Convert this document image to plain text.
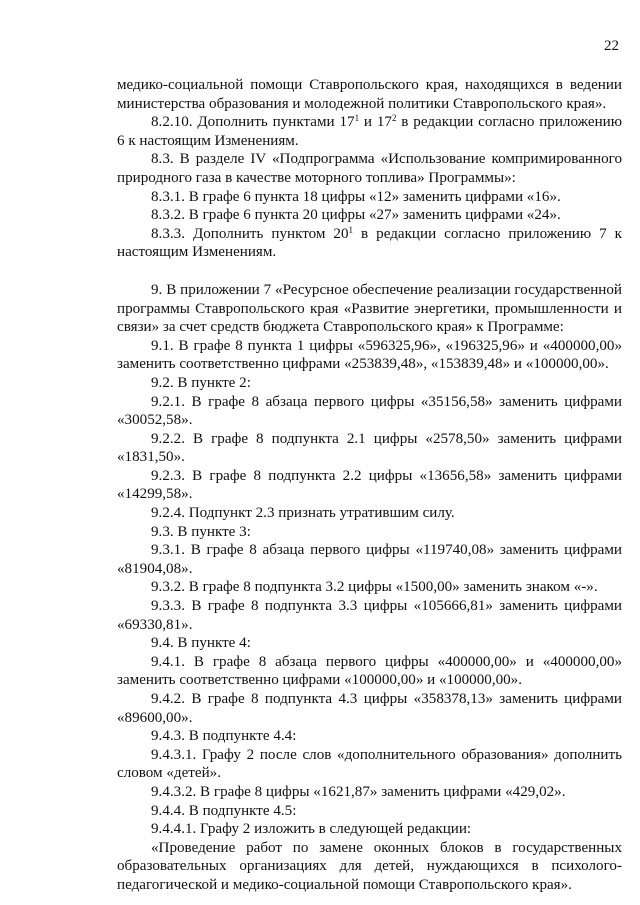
22

медико-социальной помощи Ставропольского края, находящихся в ведении министерства образования и молодежной политики Ставропольского края».

8.2.10. Дополнить пунктами $17^1$ и $17^2$ в редакции согласно приложению 6 к настоящим Изменениям.

8.3. В разделе IV «Подпрограмма «Использование компримированного природного газа в качестве моторного топлива» Программы»:

8.3.1. В графе 6 пункта 18 цифры «12» заменить цифрами «16».

8.3.2. В графе 6 пункта 20 цифры «27» заменить цифрами «24».

8.3.3. Дополнить пунктом $20^1$ в редакции согласно приложению 7 к настоящим Изменениям.

9. В приложении 7 «Ресурсное обеспечение реализации государственной программы Ставропольского края «Развитие энергетики, промышленности и связи» за счет средств бюджета Ставропольского края» к Программе:

9.1. В графе 8 пункта 1 цифры «596325,96», «196325,96» и «400000,00» заменить соответственно цифрами «253839,48», «153839,48» и «100000,00».

9.2. В пункте 2:

9.2.1. В графе 8 абзаца первого цифры «35156,58» заменить цифрами «30052,58».

9.2.2. В графе 8 подпункта 2.1 цифры «2578,50» заменить цифрами «1831,50».

9.2.3. В графе 8 подпункта 2.2 цифры «13656,58» заменить цифрами «14299,58».

9.2.4. Подпункт 2.3 признать утратившим силу.

9.3. В пункте 3:

9.3.1. В графе 8 абзаца первого цифры «119740,08» заменить цифрами «81904,08».

9.3.2. В графе 8 подпункта 3.2 цифры «1500,00» заменить знаком «-».

9.3.3. В графе 8 подпункта 3.3 цифры «105666,81» заменить цифрами «69330,81».

9.4. В пункте 4:

9.4.1. В графе 8 абзаца первого цифры «400000,00» и «400000,00» заменить соответственно цифрами «100000,00» и «100000,00».

9.4.2. В графе 8 подпункта 4.3 цифры «358378,13» заменить цифрами «89600,00».

9.4.3. В подпункте 4.4:

9.4.3.1. Графу 2 после слов «дополнительного образования» дополнить словом «детей».

9.4.3.2. В графе 8 цифры «1621,87» заменить цифрами «429,02».

9.4.4. В подпункте 4.5:

9.4.4.1. Графу 2 изложить в следующей редакции:

«Проведение работ по замене оконных блоков в государственных образовательных организациях для детей, нуждающихся в психолого-педагогической и медико-социальной помощи Ставропольского края».
